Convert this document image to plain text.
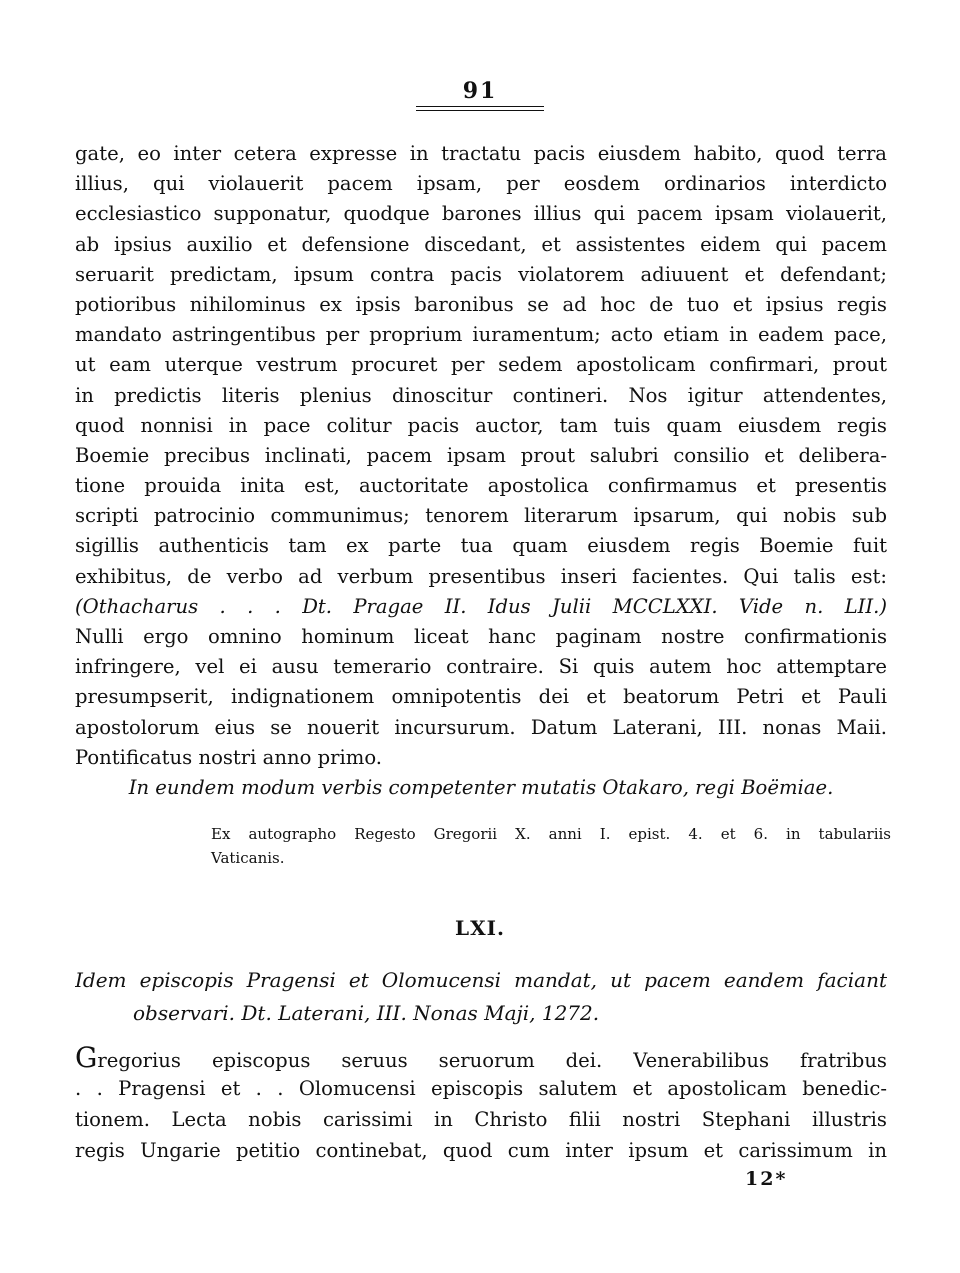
91
gate, eo inter cetera expresse in tractatu pacis eiusdem habito, quod terra
illius, qui violauerit pacem ipsam, per eosdem ordinarios interdicto
ecclesiastico supponatur, quodque barones illius qui pacem ipsam violauerit,
ab ipsius auxilio et defensione discedant, et assistentes eidem qui pacem
seruarit predictam, ipsum contra pacis violatorem adiuuent et defendant;
potioribus nihilominus ex ipsis baronibus se ad hoc de tuo et ipsius regis
mandato astringentibus per proprium iuramentum; acto etiam in eadem pace,
ut eam uterque vestrum procuret per sedem apostolicam confirmari, prout
in predictis literis plenius dinoscitur contineri. Nos igitur attendentes,
quod nonnisi in pace colitur pacis auctor, tam tuis quam eiusdem regis
Boemie precibus inclinati, pacem ipsam prout salubri consilio et delibera-
tione prouida inita est, auctoritate apostolica confirmamus et presentis
scripti patrocinio communimus; tenorem literarum ipsarum, qui nobis sub
sigillis authenticis tam ex parte tua quam eiusdem regis Boemie fuit
exhibitus, de verbo ad verbum presentibus inseri facientes. Qui talis est:
(Othacharus . . . Dt. Pragae II. Idus Julii MCCLXXI. Vide n. LII.)
Nulli ergo omnino hominum liceat hanc paginam nostre confirmationis
infringere, vel ei ausu temerario contraire. Si quis autem hoc attemptare
presumpserit, indignationem omnipotentis dei et beatorum Petri et Pauli
apostolorum eius se nouerit incursurum. Datum Laterani, III. nonas Maii.
Pontificatus nostri anno primo.
In eundem modum verbis competenter mutatis Otakaro, regi Boëmiae.
Ex autographo Regesto Gregorii X. anni I. epist. 4. et 6. in tabulariis
Vaticanis.
LXI.
Idem episcopis Pragensi et Olomucensi mandat, ut pacem eandem faciant
observari. Dt. Laterani, III. Nonas Maji, 1272.
Gregorius episcopus seruus seruorum dei. Venerabilibus fratribus
. . Pragensi et . . Olomucensi episcopis salutem et apostolicam benedic-
tionem. Lecta nobis carissimi in Christo filii nostri Stephani illustris
regis Ungarie petitio continebat, quod cum inter ipsum et carissimum in
12*
